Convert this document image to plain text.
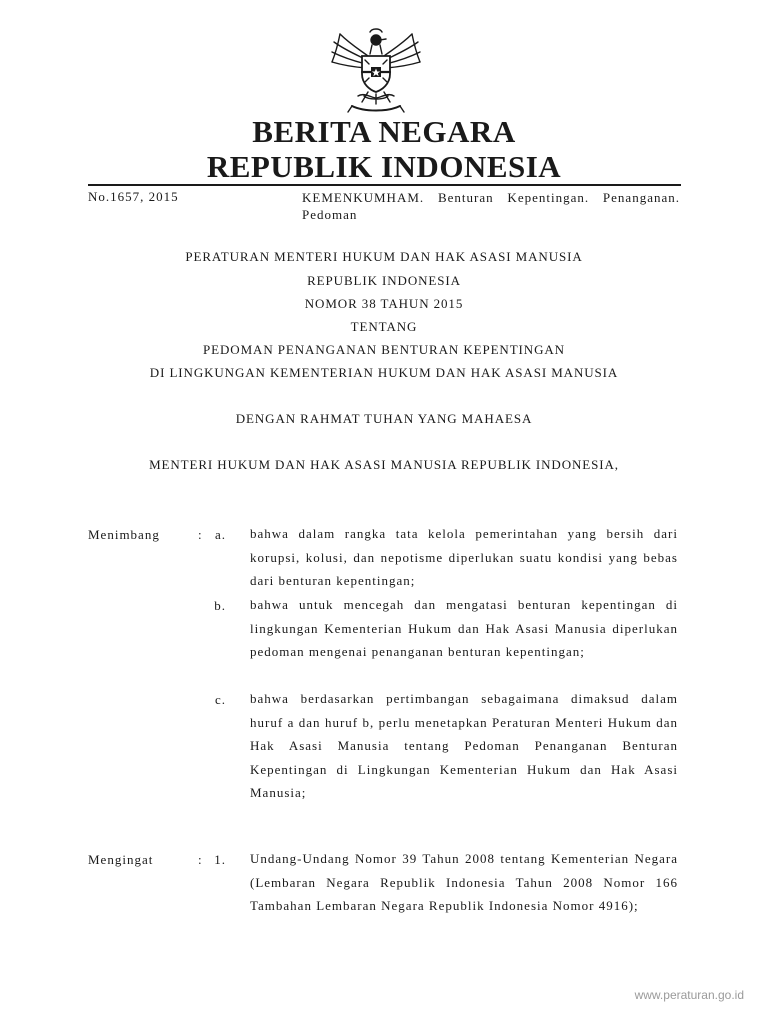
BERITA NEGARA
REPUBLIK INDONESIA
No.1657, 2015	KEMENKUMHAM. Benturan Kepentingan. Penanganan. Pedoman
PERATURAN MENTERI HUKUM DAN HAK ASASI MANUSIA
REPUBLIK INDONESIA
NOMOR 38 TAHUN 2015
TENTANG
PEDOMAN PENANGANAN BENTURAN KEPENTINGAN
DI LINGKUNGAN KEMENTERIAN HUKUM DAN HAK ASASI MANUSIA
DENGAN RAHMAT TUHAN YANG MAHAESA
MENTERI HUKUM DAN HAK ASASI MANUSIA REPUBLIK INDONESIA,
Menimbang	:	a. bahwa dalam rangka tata kelola pemerintahan yang bersih dari korupsi, kolusi, dan nepotisme diperlukan suatu kondisi yang bebas dari benturan kepentingan;
b. bahwa untuk mencegah dan mengatasi benturan kepentingan di lingkungan Kementerian Hukum dan Hak Asasi Manusia diperlukan pedoman mengenai penanganan benturan kepentingan;
c. bahwa berdasarkan pertimbangan sebagaimana dimaksud dalam huruf a dan huruf b, perlu menetapkan Peraturan Menteri Hukum dan Hak Asasi Manusia tentang Pedoman Penanganan Benturan Kepentingan di Lingkungan Kementerian Hukum dan Hak Asasi Manusia;
Mengingat	: 1. Undang-Undang Nomor 39 Tahun 2008 tentang Kementerian Negara (Lembaran Negara Republik Indonesia Tahun 2008 Nomor 166 Tambahan Lembaran Negara Republik Indonesia Nomor 4916);
www.peraturan.go.id
